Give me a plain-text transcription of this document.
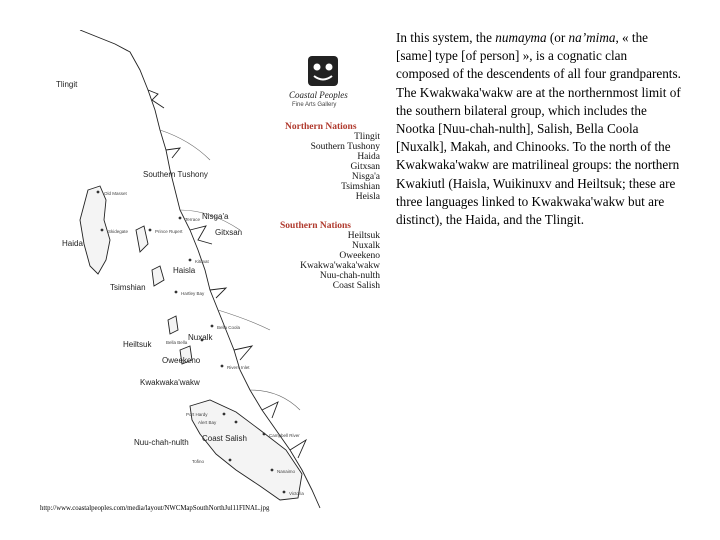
Tlingit
Coastal Peoples
Fine Arts Gallery
Northern Nations
Tlingit
Southern Tushony
Haida
Gitxsan
Nisga'a
Tsimshian
Heisla
Southern Nations
Heiltsuk
Nuxalk
Oweekeno
Kwakwa'waka'wakw
Nuu-chah-nulth
Coast Salish
Southern Tushony
Nisga'a
Gitxsan
Haida
Haisla
Tsimshian
Nuxalk
Heiltsuk
Oweekeno
Kwakwaka'wakw
Nuu-chah-nulth Coast Salish
Old Masset
Skidegate	Prince Rupert
Terrace
Kitimat
Hartley Bay
Bella Coola
Bella Bella
Rivers Inlet
Port Hardy
Alert Bay
Campbell River
Tofino
Nanaimo
Victoria
http://www.coastalpeoples.com/media/layout/NWCMapSouthNorthJul11FINAL.jpg

In this system, the numayma (or na’mima, « the [same] type [of person] », is a cognatic clan composed of the descendents of all four grandparents. The Kwakwaka'wakw are at the northernmost limit of the southern bilateral group, which includes the Nootka [Nuu-chah-nulth], Salish, Bella Coola [Nuxalk], Makah, and Chinooks. To the north of the Kwakwaka'wakw are matrilineal groups: the northern Kwakiutl (Haisla, Wuikinuxv and Heiltsuk; these are three languages linked to Kwakwaka'wakw but are distinct), the Haida, and the Tlingit.
